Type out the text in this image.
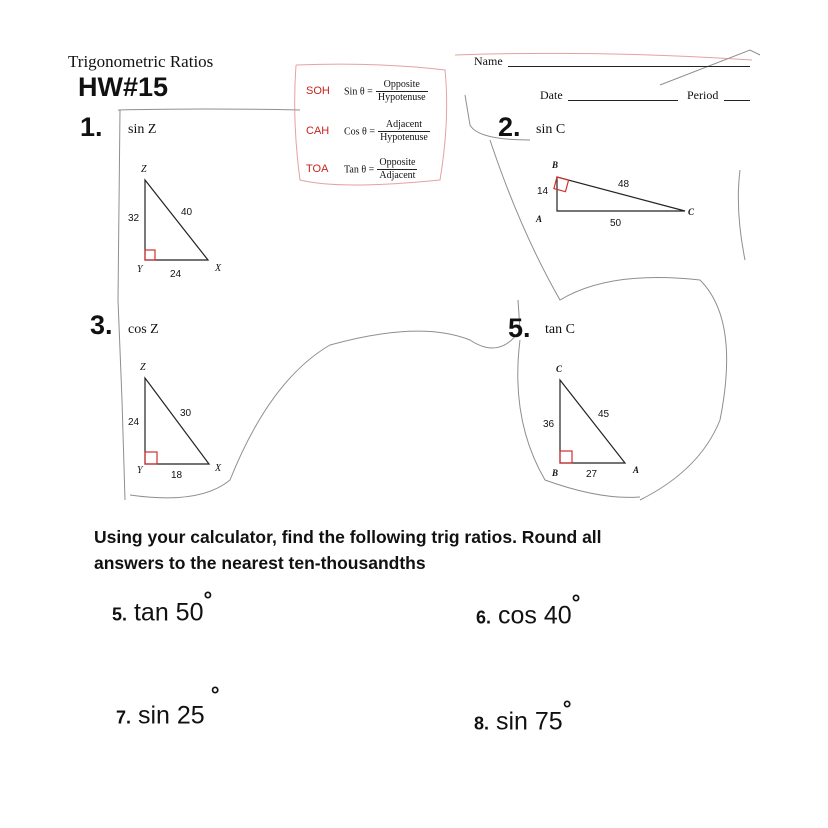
Trigonometric Ratios
HW#15
Name
Date	Period
SOH Sin $\theta = \frac{\text{Opposite}}{\text{Hypotenuse}}$
CAH Cos $\theta = \frac{\text{Adjacent}}{\text{Hypotenuse}}$
TOA Tan $\theta = \frac{\text{Opposite}}{\text{Adjacent}}$
1. sin Z
Z
32
40
Y	24
X
2. sin C
B
14
48
A	50
C
3. cos Z
Z
24
30
Y	18
X
5. tan C
C
36
45
B	27	A
Using your calculator, find the following trig ratios. Round all
answers to the nearest ten-thousandths
5. tan 50°
6. cos 40°
7. sin 25°
8. sin 75°
